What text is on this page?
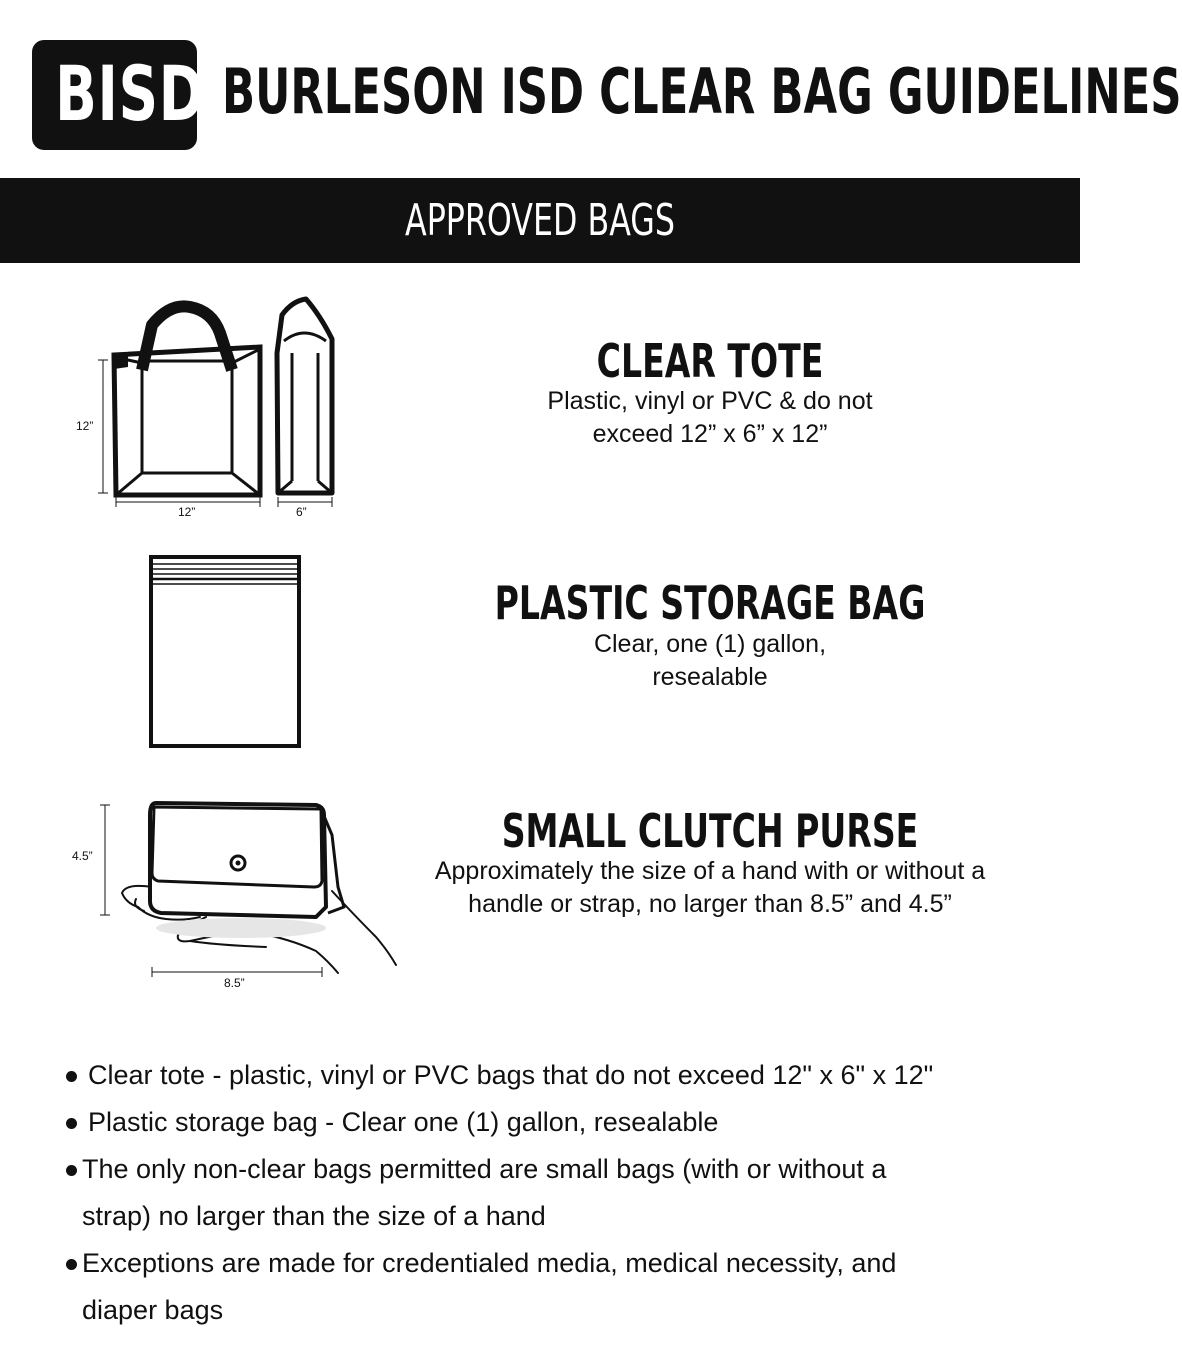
BISD BURLESON ISD CLEAR BAG GUIDELINES
APPROVED BAGS
12”
12”	6”
CLEAR TOTE
Plastic, vinyl or PVC & do not
exceed 12” x 6” x 12”
PLASTIC STORAGE BAG
Clear, one (1) gallon,
resealable
4.5”
8.5”
SMALL CLUTCH PURSE
Approximately the size of a hand with or without a
handle or strap, no larger than 8.5” and 4.5”
Clear tote - plastic, vinyl or PVC bags that do not exceed 12" x 6" x 12"
Plastic storage bag - Clear one (1) gallon, resealable
The only non-clear bags permitted are small bags (with or without a strap) no larger than the size of a hand
Exceptions are made for credentialed media, medical necessity, and diaper bags
